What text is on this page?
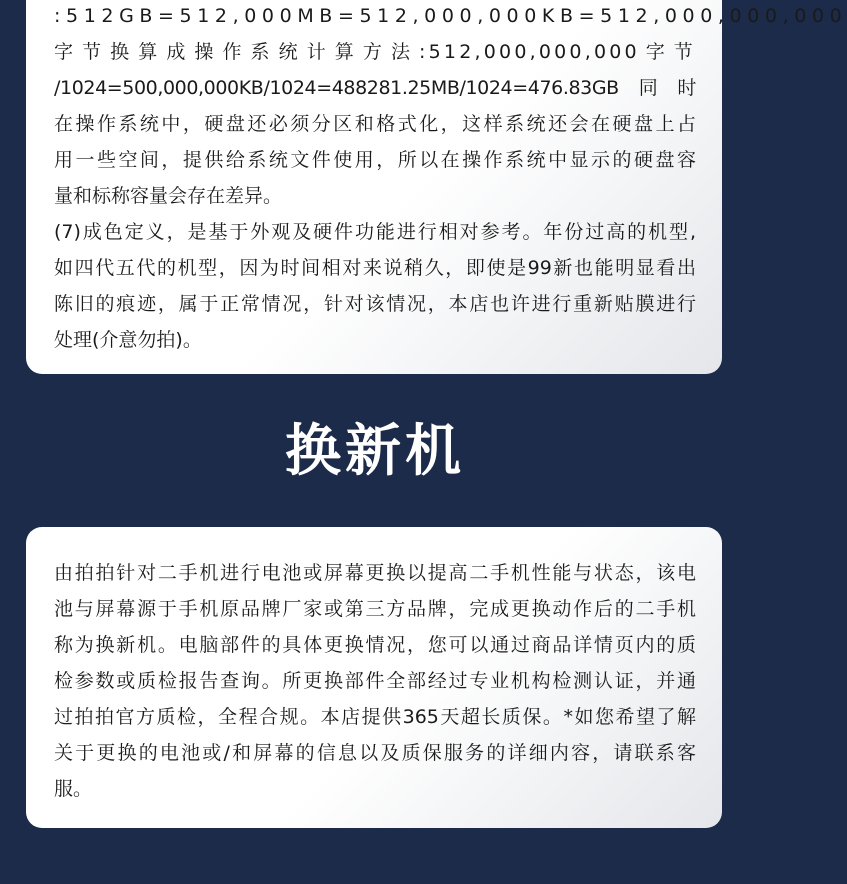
:512GB=512,000MB=512,000,000KB=512,000,000,000
字节换算成操作系统计算方法:512,000,000,000字节
/1024=500,000,000KB/1024=488281.25MB/1024=476.83GB同时
在操作系统中，硬盘还必须分区和格式化，这样系统还会在硬盘上占
用一些空间，提供给系统文件使用，所以在操作系统中显示的硬盘容
量和标称容量会存在差异。
(7)成色定义，是基于外观及硬件功能进行相对参考。年份过高的机型,
如四代五代的机型，因为时间相对来说稍久，即使是99新也能明显看出
陈旧的痕迹，属于正常情况，针对该情况，本店也许进行重新贴膜进行
处理(介意勿拍)。
换新机
由拍拍针对二手机进行电池或屏幕更换以提高二手机性能与状态，该电
池与屏幕源于手机原品牌厂家或第三方品牌，完成更换动作后的二手机
称为换新机。电脑部件的具体更换情况，您可以通过商品详情页内的质
检参数或质检报告查询。所更换部件全部经过专业机构检测认证，并通
过拍拍官方质检，全程合规。本店提供365天超长质保。*如您希望了解
关于更换的电池或/和屏幕的信息以及质保服务的详细内容，请联系客
服。
